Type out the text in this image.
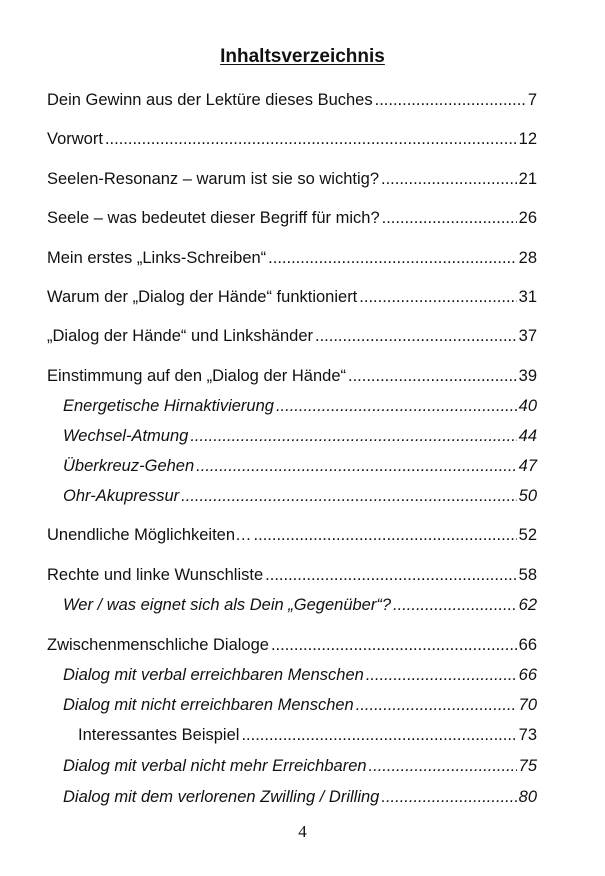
Inhaltsverzeichnis
Dein Gewinn aus der Lektüre dieses Buches .....	7
Vorwort .....	12
Seelen-Resonanz – warum ist sie so wichtig? .....	21
Seele – was bedeutet dieser Begriff für mich? .....	26
Mein erstes „Links-Schreiben“ .....	28
Warum der „Dialog der Hände“ funktioniert .....	31
„Dialog der Hände“ und Linkshänder .....	37
Einstimmung auf den „Dialog der Hände“ .....	39
Energetische Hirnaktivierung .....	40
Wechsel-Atmung .....	44
Überkreuz-Gehen .....	47
Ohr-Akupressur .....	50
Unendliche Möglichkeiten… .....	52
Rechte und linke Wunschliste .....	58
Wer / was eignet sich als Dein „Gegenüber“? .....	62
Zwischenmenschliche Dialoge .....	66
Dialog mit verbal erreichbaren Menschen .....	66
Dialog mit nicht erreichbaren Menschen .....	70
Interessantes Beispiel .....	73
Dialog mit verbal nicht mehr Erreichbaren .....	75
Dialog mit dem verlorenen Zwilling / Drilling .....	80
4
